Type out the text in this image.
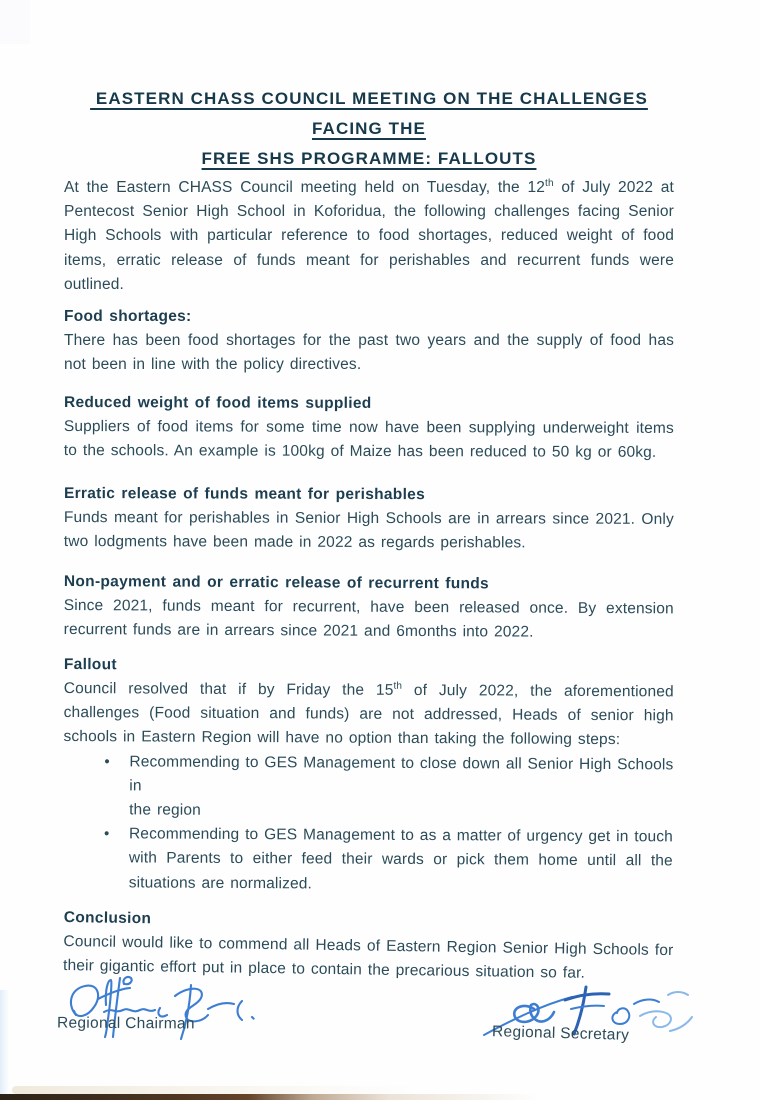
EASTERN CHASS COUNCIL MEETING ON THE CHALLENGES FACING THE
FREE SHS PROGRAMME: FALLOUTS
At the Eastern CHASS Council meeting held on Tuesday, the 12th of July 2022 at
Pentecost Senior High School in Koforidua, the following challenges facing Senior
High Schools with particular reference to food shortages, reduced weight of food
items, erratic release of funds meant for perishables and recurrent funds were
outlined.
Food shortages:
There has been food shortages for the past two years and the supply of food has
not been in line with the policy directives.
Reduced weight of food items supplied
Suppliers of food items for some time now have been supplying underweight items
to the schools. An example is 100kg of Maize has been reduced to 50 kg or 60kg.
Erratic release of funds meant for perishables
Funds meant for perishables in Senior High Schools are in arrears since 2021. Only
two lodgments have been made in 2022 as regards perishables.
Non-payment and or erratic release of recurrent funds
Since 2021, funds meant for recurrent, have been released once. By extension
recurrent funds are in arrears since 2021 and 6months into 2022.
Fallout
Council resolved that if by Friday the 15th of July 2022, the aforementioned
challenges (Food situation and funds) are not addressed, Heads of senior high
schools in Eastern Region will have no option than taking the following steps:
• Recommending to GES Management to close down all Senior High Schools in
the region
• Recommending to GES Management to as a matter of urgency get in touch
with Parents to either feed their wards or pick them home until all the
situations are normalized.
Conclusion
Council would like to commend all Heads of Eastern Region Senior High Schools for
their gigantic effort put in place to contain the precarious situation so far.
Regional Chairman	Regional Secretary
